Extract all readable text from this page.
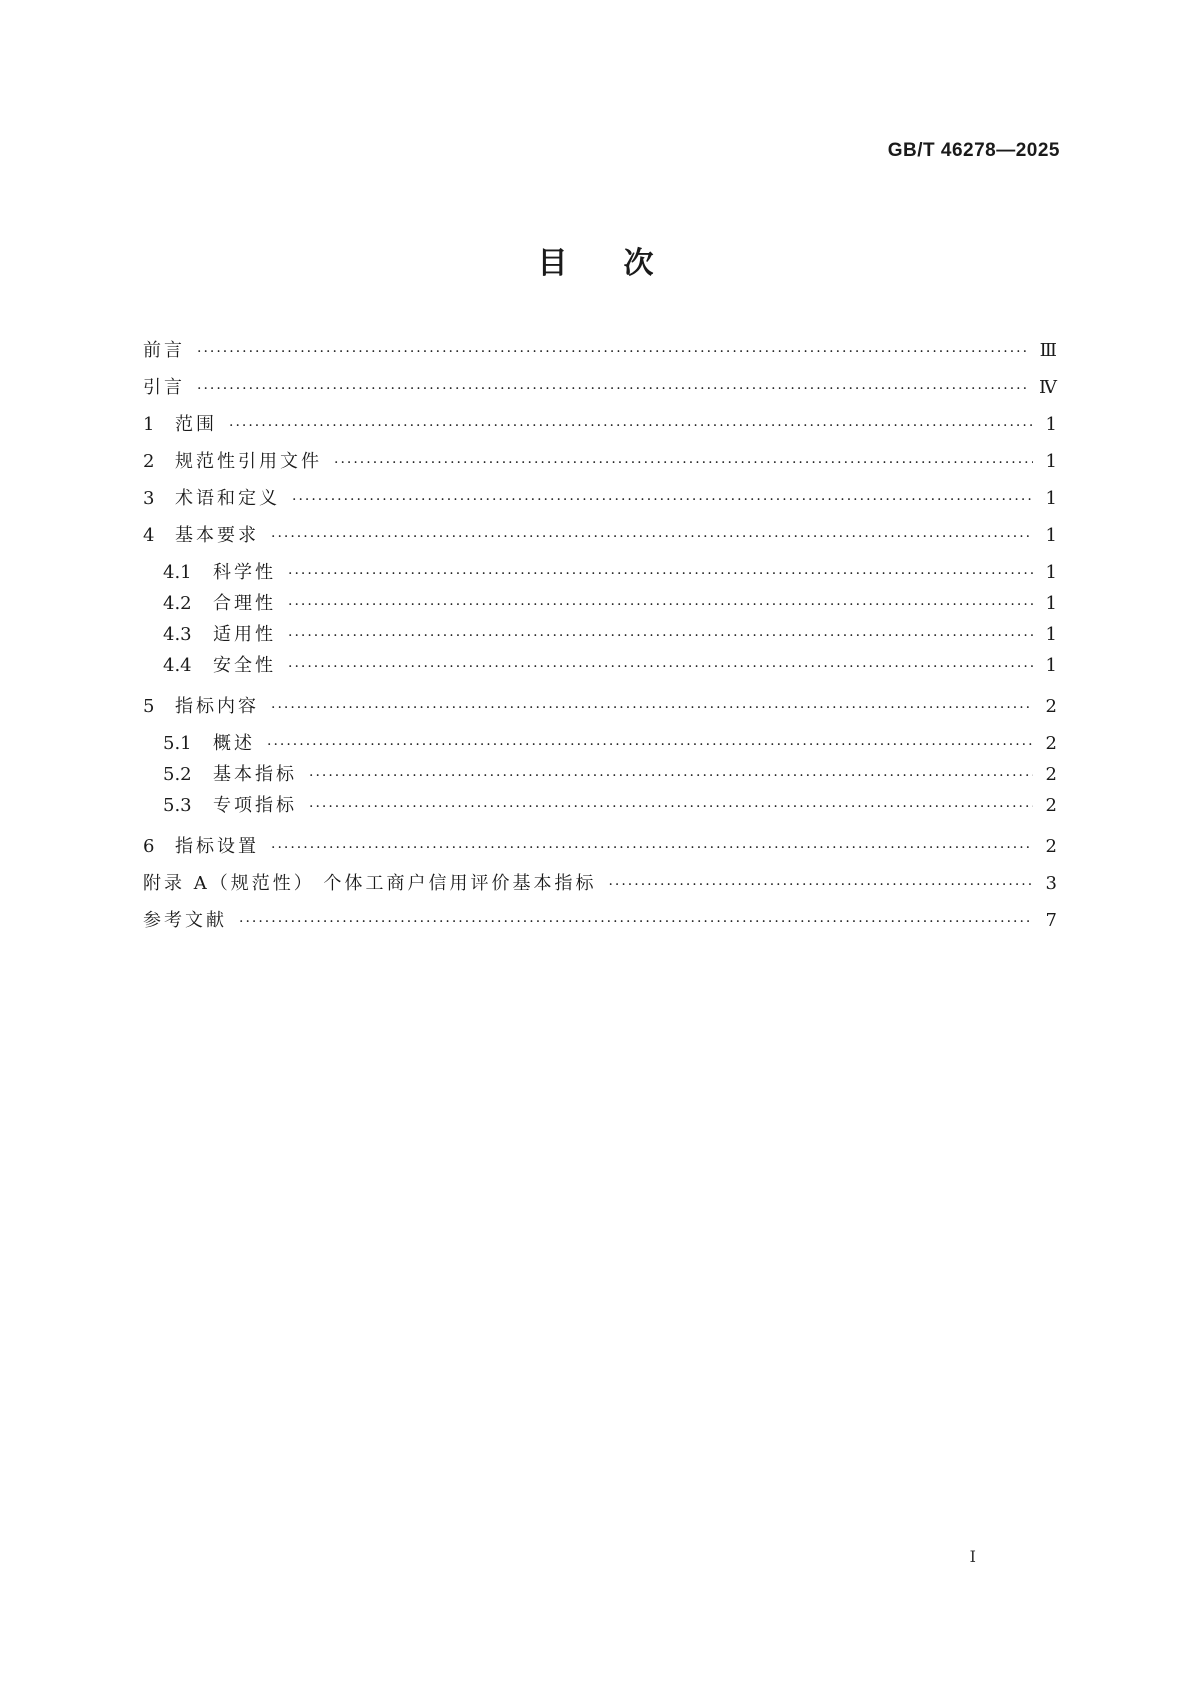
GB/T 46278—2025
目次
前言 ·····	Ⅲ
引言 ·····	Ⅳ
1	范围 ·····	1
2	规范性引用文件 ·····	1
3	术语和定义 ·····	1
4	基本要求 ·····	1
4.1	科学性 ·····	1
4.2	合理性 ·····	1
4.3	适用性 ·····	1
4.4	安全性 ·····	1
5	指标内容 ·····	2
5.1	概述 ·····	2
5.2	基本指标 ·····	2
5.3	专项指标 ·····	2
6	指标设置 ·····	2
附录 A（规范性） 个体工商户信用评价基本指标 ·····	3
参考文献 ·····	7
I
